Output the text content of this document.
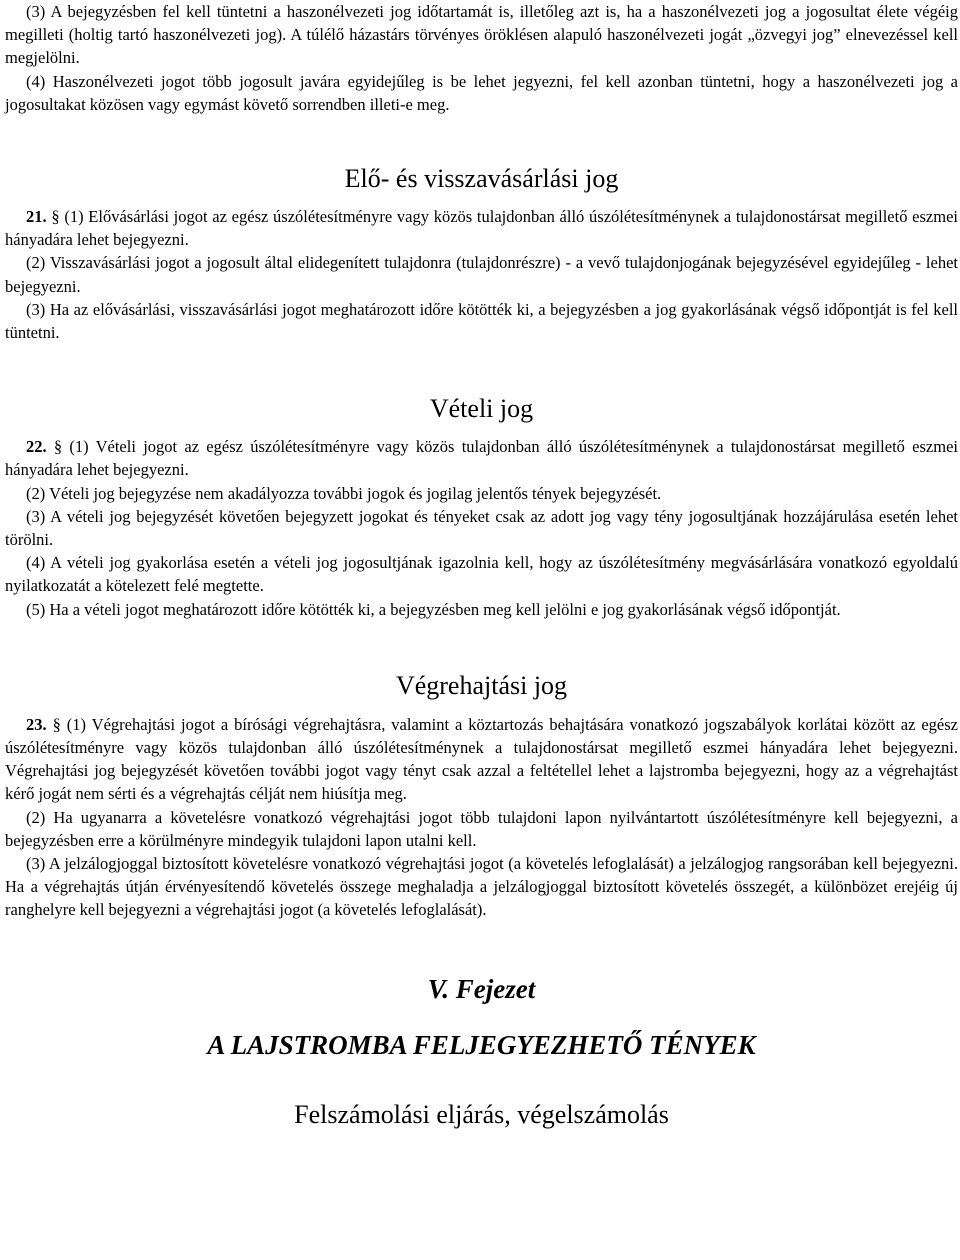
(3) A bejegyzésben fel kell tüntetni a haszonélvezeti jog időtartamát is, illetőleg azt is, ha a haszonélvezeti jog a jogosultat élete végéig megilleti (holtig tartó haszonélvezeti jog). A túlélő házastárs törvényes öröklésen alapuló haszonélvezeti jogát „özvegyi jog” elnevezéssel kell megjelölni.

(4) Haszonélvezeti jogot több jogosult javára egyidejűleg is be lehet jegyezni, fel kell azonban tüntetni, hogy a haszonélvezeti jog a jogosultakat közösen vagy egymást követő sorrendben illeti-e meg.

Elő- és visszavásárlási jog

21. § (1) Elővásárlási jogot az egész úszólétesítményre vagy közös tulajdonban álló úszólétesítménynek a tulajdonostársat megillető eszmei hányadára lehet bejegyezni.

(2) Visszavásárlási jogot a jogosult által elidegenített tulajdonra (tulajdonrészre) - a vevő tulajdonjogának bejegyzésével egyidejűleg - lehet bejegyezni.

(3) Ha az elővásárlási, visszavásárlási jogot meghatározott időre kötötték ki, a bejegyzésben a jog gyakorlásának végső időpontját is fel kell tüntetni.

Vételi jog

22. § (1) Vételi jogot az egész úszólétesítményre vagy közös tulajdonban álló úszólétesítménynek a tulajdonostársat megillető eszmei hányadára lehet bejegyezni.

(2) Vételi jog bejegyzése nem akadályozza további jogok és jogilag jelentős tények bejegyzését.

(3) A vételi jog bejegyzését követően bejegyzett jogokat és tényeket csak az adott jog vagy tény jogosultjának hozzájárulása esetén lehet törölni.

(4) A vételi jog gyakorlása esetén a vételi jog jogosultjának igazolnia kell, hogy az úszólétesítmény megvásárlására vonatkozó egyoldalú nyilatkozatát a kötelezett felé megtette.

(5) Ha a vételi jogot meghatározott időre kötötték ki, a bejegyzésben meg kell jelölni e jog gyakorlásának végső időpontját.

Végrehajtási jog

23. § (1) Végrehajtási jogot a bírósági végrehajtásra, valamint a köztartozás behajtására vonatkozó jogszabályok korlátai között az egész úszólétesítményre vagy közös tulajdonban álló úszólétesítménynek a tulajdonostársat megillető eszmei hányadára lehet bejegyezni. Végrehajtási jog bejegyzését követően további jogot vagy tényt csak azzal a feltétellel lehet a lajstromba bejegyezni, hogy az a végrehajtást kérő jogát nem sérti és a végrehajtás célját nem hiúsítja meg.

(2) Ha ugyanarra a követelésre vonatkozó végrehajtási jogot több tulajdoni lapon nyilvántartott úszólétesítményre kell bejegyezni, a bejegyzésben erre a körülményre mindegyik tulajdoni lapon utalni kell.

(3) A jelzálogjoggal biztosított követelésre vonatkozó végrehajtási jogot (a követelés lefoglalását) a jelzálogjog rangsorában kell bejegyezni. Ha a végrehajtás útján érvényesítendő követelés összege meghaladja a jelzálogjoggal biztosított követelés összegét, a különbözet erejéig új ranghelyre kell bejegyezni a végrehajtási jogot (a követelés lefoglalását).

V. Fejezet
A LAJSTROMBA FELJEGYEZHETŐ TÉNYEK
Felszámolási eljárás, végelszámolás
